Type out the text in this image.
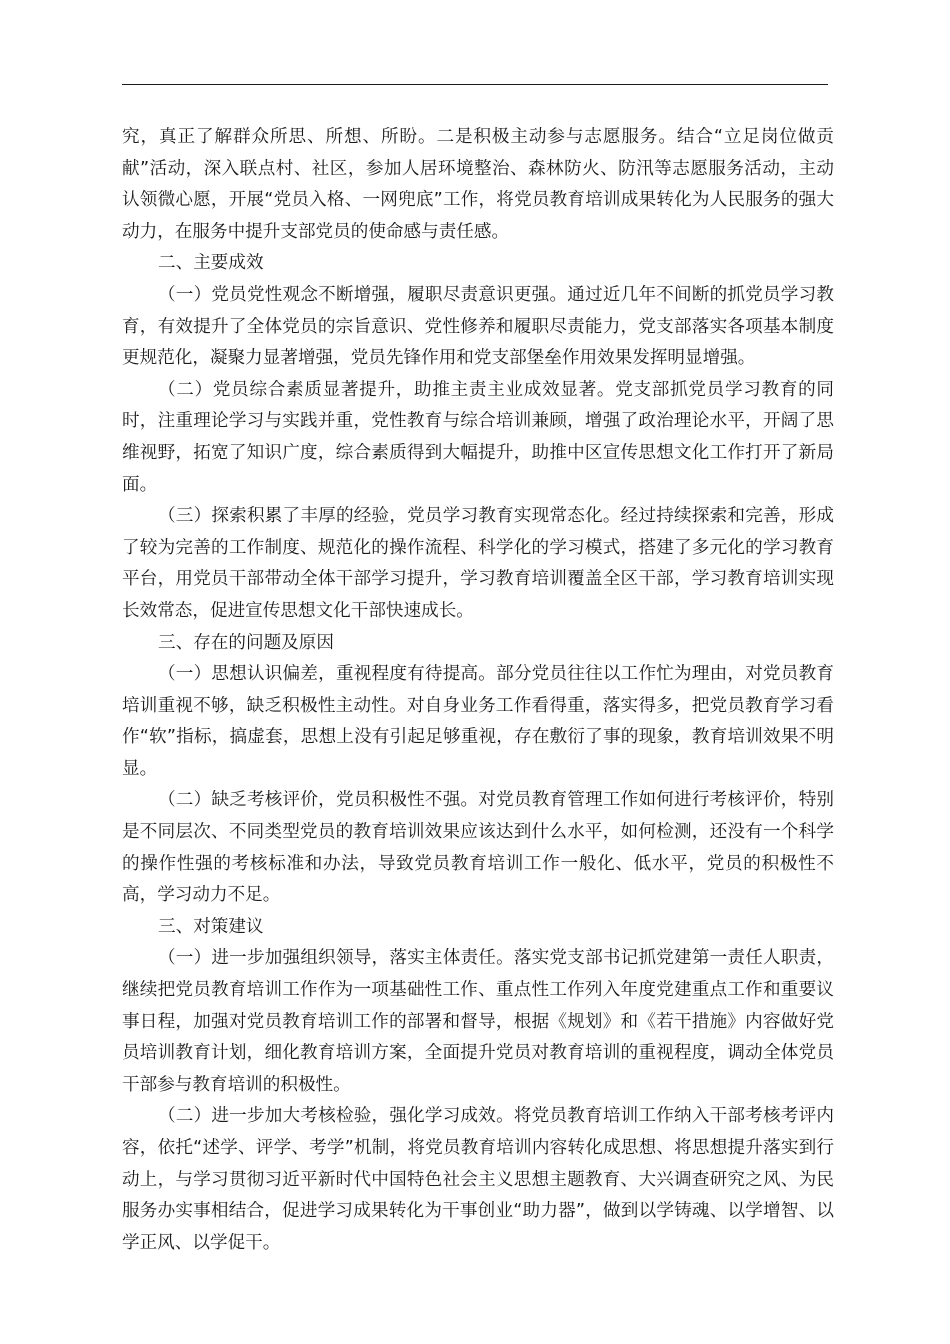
究，真正了解群众所思、所想、所盼。二是积极主动参与志愿服务。结合“立足岗位做贡献”活动，深入联点村、社区，参加人居环境整治、森林防火、防汛等志愿服务活动，主动认领微心愿，开展“党员入格、一网兜底”工作，将党员教育培训成果转化为人民服务的强大动力，在服务中提升支部党员的使命感与责任感。

二、主要成效

（一）党员党性观念不断增强，履职尽责意识更强。通过近几年不间断的抓党员学习教育，有效提升了全体党员的宗旨意识、党性修养和履职尽责能力，党支部落实各项基本制度更规范化，凝聚力显著增强，党员先锋作用和党支部堡垒作用效果发挥明显增强。

（二）党员综合素质显著提升，助推主责主业成效显著。党支部抓党员学习教育的同时，注重理论学习与实践并重，党性教育与综合培训兼顾，增强了政治理论水平，开阔了思维视野，拓宽了知识广度，综合素质得到大幅提升，助推中区宣传思想文化工作打开了新局面。

（三）探索积累了丰厚的经验，党员学习教育实现常态化。经过持续探索和完善，形成了较为完善的工作制度、规范化的操作流程、科学化的学习模式，搭建了多元化的学习教育平台，用党员干部带动全体干部学习提升，学习教育培训覆盖全区干部，学习教育培训实现长效常态，促进宣传思想文化干部快速成长。

三、存在的问题及原因

（一）思想认识偏差，重视程度有待提高。部分党员往往以工作忙为理由，对党员教育培训重视不够，缺乏积极性主动性。对自身业务工作看得重，落实得多，把党员教育学习看作“软”指标，搞虚套，思想上没有引起足够重视，存在敷衍了事的现象，教育培训效果不明显。

（二）缺乏考核评价，党员积极性不强。对党员教育管理工作如何进行考核评价，特别是不同层次、不同类型党员的教育培训效果应该达到什么水平，如何检测，还没有一个科学的操作性强的考核标准和办法，导致党员教育培训工作一般化、低水平，党员的积极性不高，学习动力不足。

三、对策建议

（一）进一步加强组织领导，落实主体责任。落实党支部书记抓党建第一责任人职责，继续把党员教育培训工作作为一项基础性工作、重点性工作列入年度党建重点工作和重要议事日程，加强对党员教育培训工作的部署和督导，根据《规划》和《若干措施》内容做好党员培训教育计划，细化教育培训方案，全面提升党员对教育培训的重视程度，调动全体党员干部参与教育培训的积极性。

（二）进一步加大考核检验，强化学习成效。将党员教育培训工作纳入干部考核考评内容，依托“述学、评学、考学”机制，将党员教育培训内容转化成思想、将思想提升落实到行动上，与学习贯彻习近平新时代中国特色社会主义思想主题教育、大兴调查研究之风、为民服务办实事相结合，促进学习成果转化为干事创业“助力器”，做到以学铸魂、以学增智、以学正风、以学促干。
